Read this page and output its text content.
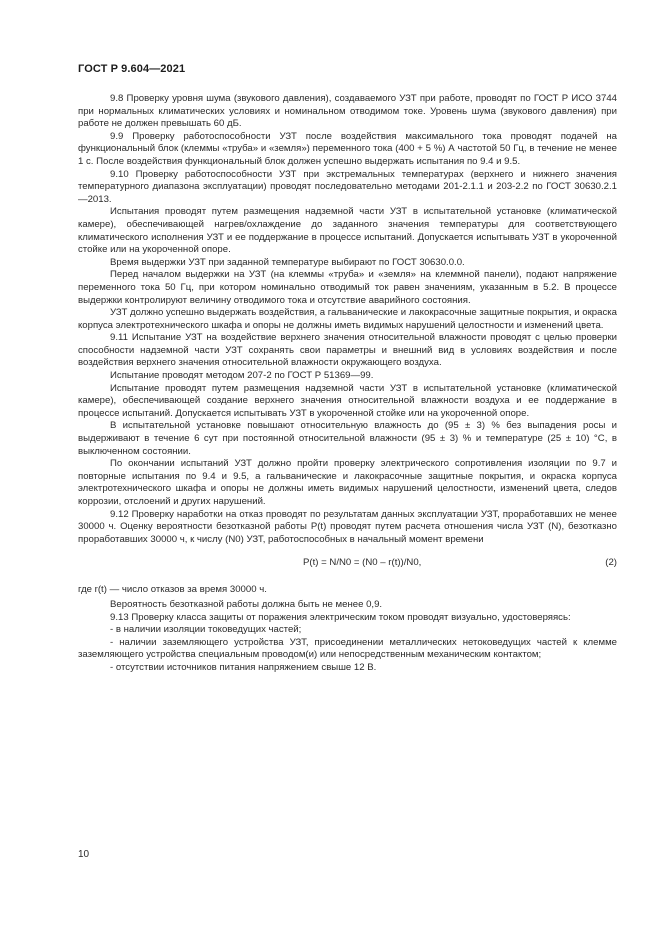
ГОСТ Р 9.604—2021

9.8 Проверку уровня шума (звукового давления), создаваемого УЗТ при работе, проводят по ГОСТ Р ИСО 3744 при нормальных климатических условиях и номинальном отводимом токе. Уровень шума (звукового давления) при работе не должен превышать 60 дБ.

9.9 Проверку работоспособности УЗТ после воздействия максимального тока проводят подачей на функциональный блок (клеммы «труба» и «земля») переменного тока (400 + 5 %) А частотой 50 Гц, в течение не менее 1 с. После воздействия функциональный блок должен успешно выдержать испытания по 9.4 и 9.5.

9.10 Проверку работоспособности УЗТ при экстремальных температурах (верхнего и нижнего значения температурного диапазона эксплуатации) проводят последовательно методами 201-2.1.1 и 203-2.2 по ГОСТ 30630.2.1—2013.

Испытания проводят путем размещения надземной части УЗТ в испытательной установке (климатической камере), обеспечивающей нагрев/охлаждение до заданного значения температуры для соответствующего климатического исполнения УЗТ и ее поддержание в процессе испытаний. Допускается испытывать УЗТ в укороченной стойке или на укороченной опоре.

Время выдержки УЗТ при заданной температуре выбирают по ГОСТ 30630.0.0.

Перед началом выдержки на УЗТ (на клеммы «труба» и «земля» на клеммной панели), подают напряжение переменного тока 50 Гц, при котором номинально отводимый ток равен значениям, указанным в 5.2. В процессе выдержки контролируют величину отводимого тока и отсутствие аварийного состояния.

УЗТ должно успешно выдержать воздействия, а гальванические и лакокрасочные защитные покрытия, и окраска корпуса электротехнического шкафа и опоры не должны иметь видимых нарушений целостности и изменений цвета.

9.11 Испытание УЗТ на воздействие верхнего значения относительной влажности проводят с целью проверки способности надземной части УЗТ сохранять свои параметры и внешний вид в условиях воздействия и после воздействия верхнего значения относительной влажности окружающего воздуха.

Испытание проводят методом 207-2 по ГОСТ Р 51369—99.

Испытание проводят путем размещения надземной части УЗТ в испытательной установке (климатической камере), обеспечивающей создание верхнего значения относительной влажности воздуха и ее поддержание в процессе испытаний. Допускается испытывать УЗТ в укороченной стойке или на укороченной опоре.

В испытательной установке повышают относительную влажность до (95 ± 3) % без выпадения росы и выдерживают в течение 6 сут при постоянной относительной влажности (95 ± 3) % и температуре (25 ± 10) °С, в выключенном состоянии.

По окончании испытаний УЗТ должно пройти проверку электрического сопротивления изоляции по 9.7 и повторные испытания по 9.4 и 9.5, а гальванические и лакокрасочные защитные покрытия, и окраска корпуса электротехнического шкафа и опоры не должны иметь видимых нарушений целостности, изменений цвета, следов коррозии, отслоений и других нарушений.

9.12 Проверку наработки на отказ проводят по результатам данных эксплуатации УЗТ, проработавших не менее 30000 ч. Оценку вероятности безотказной работы P(t) проводят путем расчета отношения числа УЗТ (N), безотказно проработавших 30000 ч, к числу (N0) УЗТ, работоспособных в начальный момент времени

P(t) = N/N0 = (N0 – r(t))/N0,	(2)

где r(t) — число отказов за время 30000 ч.

Вероятность безотказной работы должна быть не менее 0,9.

9.13 Проверку класса защиты от поражения электрическим током проводят визуально, удостоверяясь:

- в наличии изоляции токоведущих частей;

- наличии заземляющего устройства УЗТ, присоединении металлических нетоковедущих частей к клемме заземляющего устройства специальным проводом(и) или непосредственным механическим контактом;

- отсутствии источников питания напряжением свыше 12 В.

10
